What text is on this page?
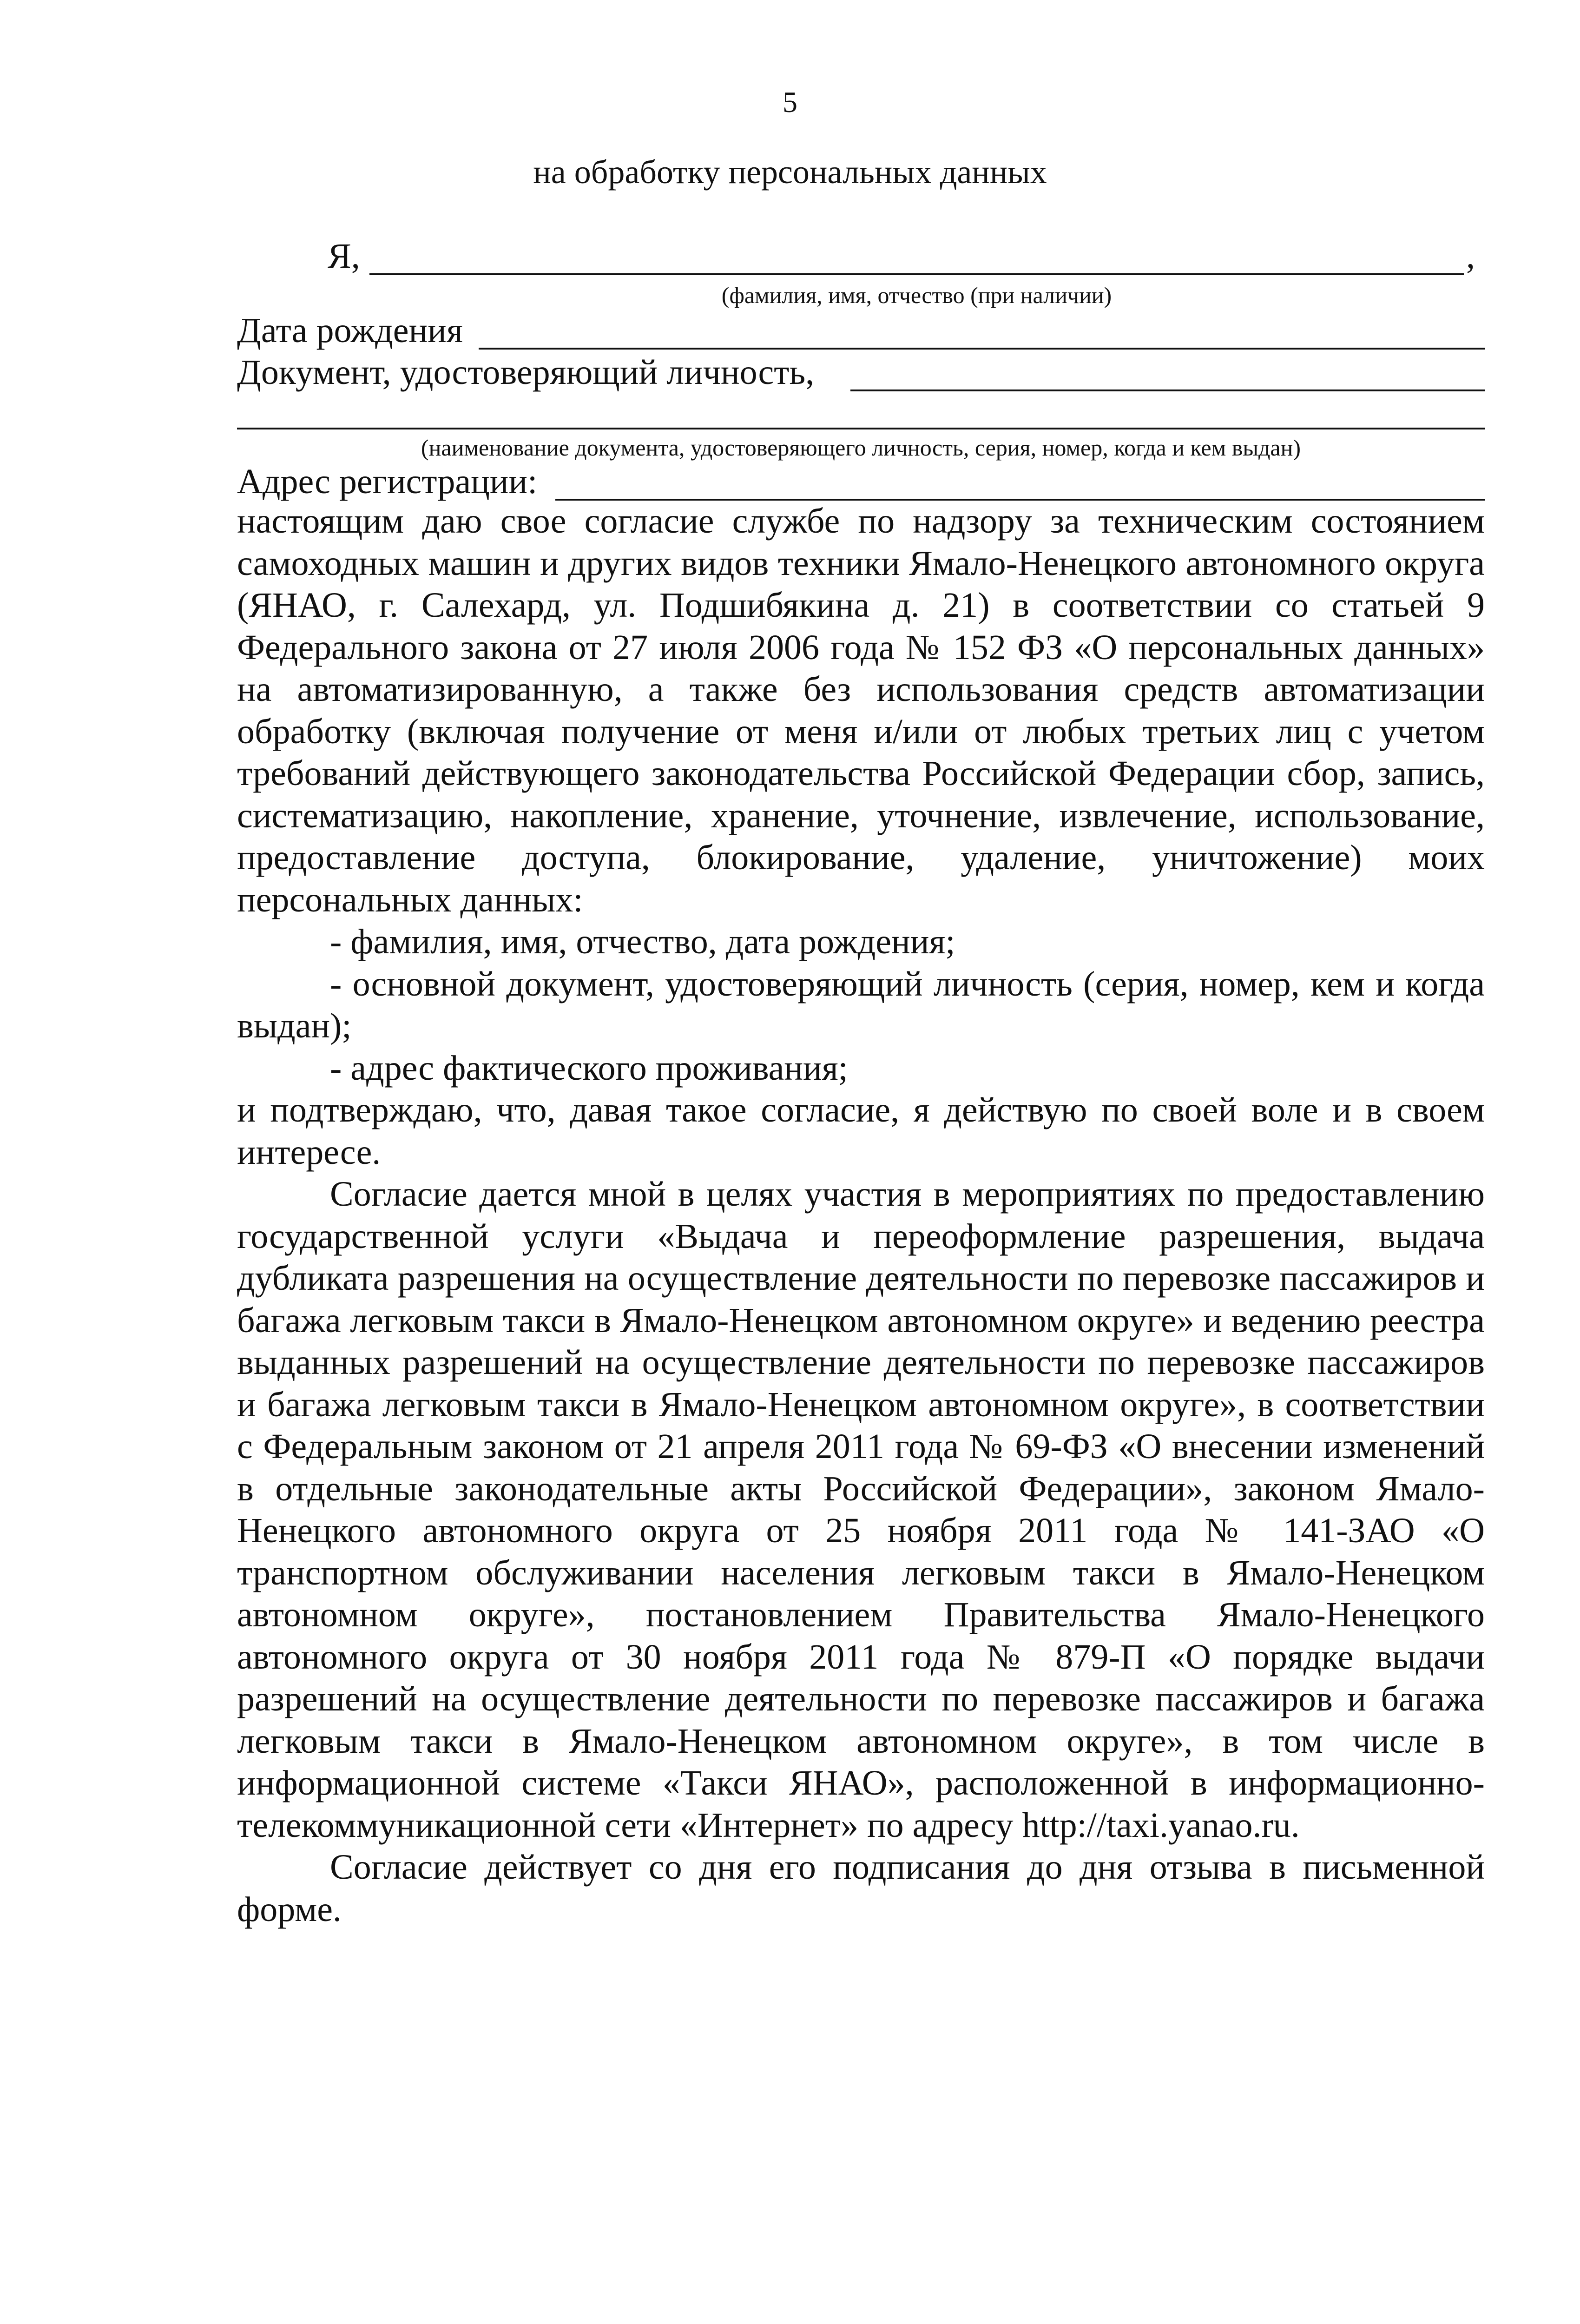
5
на обработку персональных данных
Я,	,
(фамилия, имя, отчество (при наличии)
Дата рождения
Документ, удостоверяющий личность,
(наименование документа, удостоверяющего личность, серия, номер, когда и кем выдан)
Адрес регистрации:

настоящим даю свое согласие службе по надзору за техническим состоянием самоходных машин и других видов техники Ямало-Ненецкого автономного округа (ЯНАО, г. Салехард, ул. Подшибякина д. 21) в соответствии со статьей 9 Федерального закона от 27 июля 2006 года № 152 ФЗ «О персональных данных» на автоматизированную, а также без использования средств автоматизации обработку (включая получение от меня и/или от любых третьих лиц с учетом требований действующего законодательства Российской Федерации сбор, запись, систематизацию, накопление, хранение, уточнение, извлечение, использование, предоставление доступа, блокирование, удаление, уничтожение) моих персональных данных:

- фамилия, имя, отчество, дата рождения;

- основной документ, удостоверяющий личность (серия, номер, кем и когда выдан);

- адрес фактического проживания;

и подтверждаю, что, давая такое согласие, я действую по своей воле и в своем интересе.

Согласие дается мной в целях участия в мероприятиях по предоставлению государственной услуги «Выдача и переоформление разрешения, выдача дубликата разрешения на осуществление деятельности по перевозке пассажиров и багажа легковым такси в Ямало-Ненецком автономном округе» и ведению реестра выданных разрешений на осуществление деятельности по перевозке пассажиров и багажа легковым такси в Ямало-Ненецком автономном округе», в соответствии с Федеральным законом от 21 апреля 2011 года № 69-ФЗ «О внесении изменений в отдельные законодательные акты Российской Федерации», законом Ямало-Ненецкого автономного округа от 25 ноября 2011 года № 141-ЗАО «О транспортном обслуживании населения легковым такси в Ямало-Ненецком автономном округе», постановлением Правительства Ямало-Ненецкого автономного округа от 30 ноября 2011 года № 879-П «О порядке выдачи разрешений на осуществление деятельности по перевозке пассажиров и багажа легковым такси в Ямало-Ненецком автономном округе», в том числе в информационной системе «Такси ЯНАО», расположенной в информационно-телекоммуникационной сети «Интернет» по адресу http://taxi.yanao.ru.

Согласие действует со дня его подписания до дня отзыва в письменной форме.
